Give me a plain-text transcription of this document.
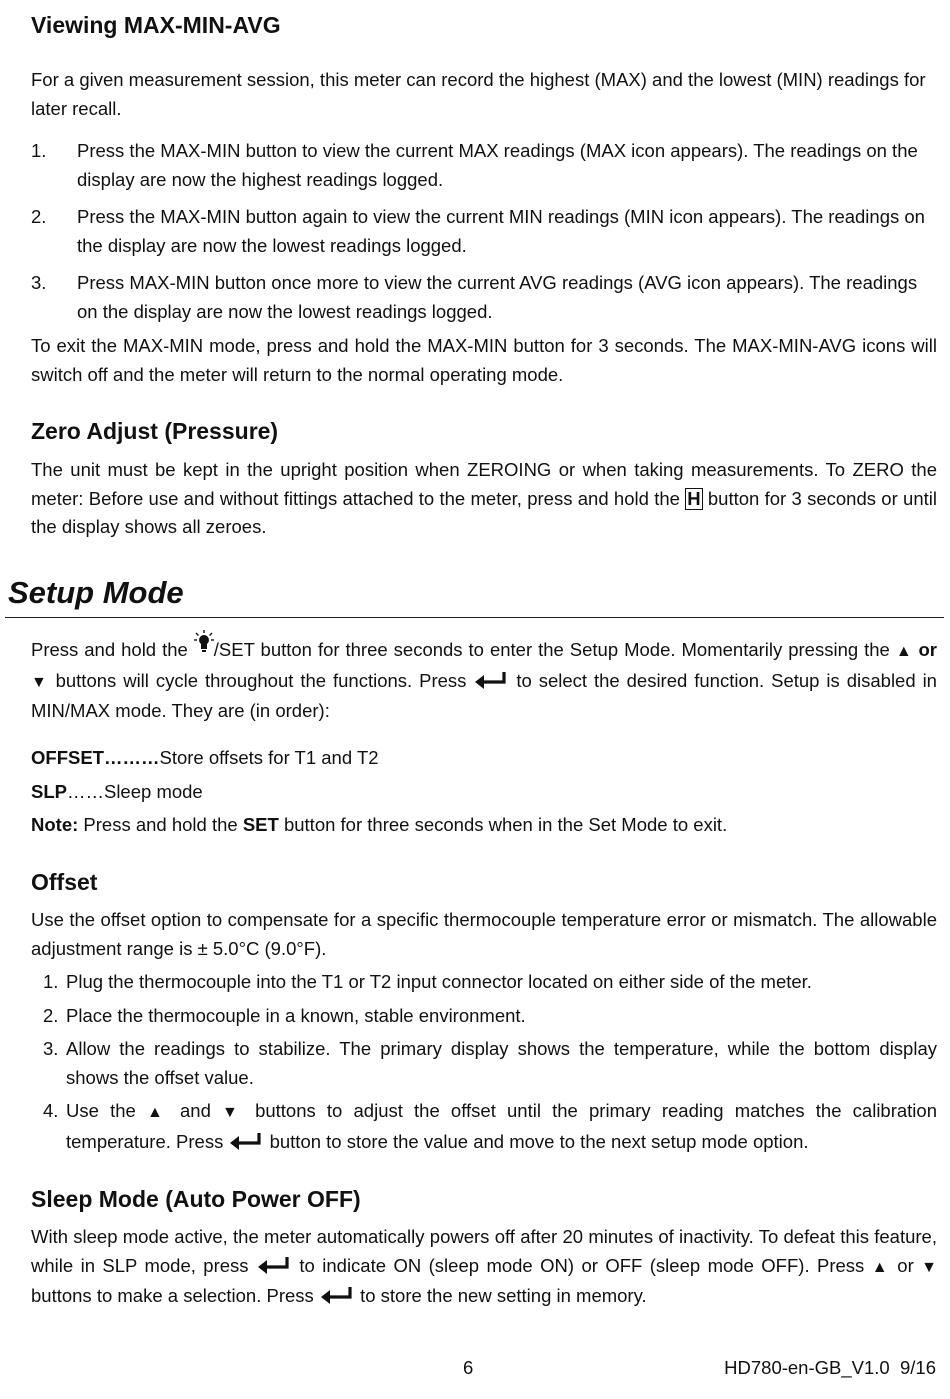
Viewing MAX-MIN-AVG

For a given measurement session, this meter can record the highest (MAX) and the lowest (MIN) readings for later recall.

1. Press the MAX-MIN button to view the current MAX readings (MAX icon appears). The readings on the display are now the highest readings logged.
2. Press the MAX-MIN button again to view the current MIN readings (MIN icon appears). The readings on the display are now the lowest readings logged.
3. Press MAX-MIN button once more to view the current AVG readings (AVG icon appears). The readings on the display are now the lowest readings logged.

To exit the MAX-MIN mode, press and hold the MAX-MIN button for 3 seconds. The MAX-MIN-AVG icons will switch off and the meter will return to the normal operating mode.

Zero Adjust (Pressure)

The unit must be kept in the upright position when ZEROING or when taking measurements. To ZERO the meter: Before use and without fittings attached to the meter, press and hold the H button for 3 seconds or until the display shows all zeroes.

Setup Mode

Press and hold the /SET button for three seconds to enter the Setup Mode. Momentarily pressing the ▲ or ▼ buttons will cycle throughout the functions. Press  to select the desired function. Setup is disabled in MIN/MAX mode. They are (in order):

OFFSET………Store offsets for T1 and T2

SLP……Sleep mode

Note: Press and hold the SET button for three seconds when in the Set Mode to exit.

Offset

Use the offset option to compensate for a specific thermocouple temperature error or mismatch. The allowable adjustment range is ± 5.0°C (9.0°F).

1. Plug the thermocouple into the T1 or T2 input connector located on either side of the meter.
2. Place the thermocouple in a known, stable environment.
3. Allow the readings to stabilize. The primary display shows the temperature, while the bottom display shows the offset value.
4. Use the ▲ and ▼ buttons to adjust the offset until the primary reading matches the calibration temperature. Press  button to store the value and move to the next setup mode option.
Sleep Mode (Auto Power OFF)

With sleep mode active, the meter automatically powers off after 20 minutes of inactivity. To defeat this feature, while in SLP mode, press  to indicate ON (sleep mode ON) or OFF (sleep mode OFF). Press ▲ or ▼ buttons to make a selection. Press  to store the new setting in memory.

6	HD780-en-GB_V1.0  9/16
